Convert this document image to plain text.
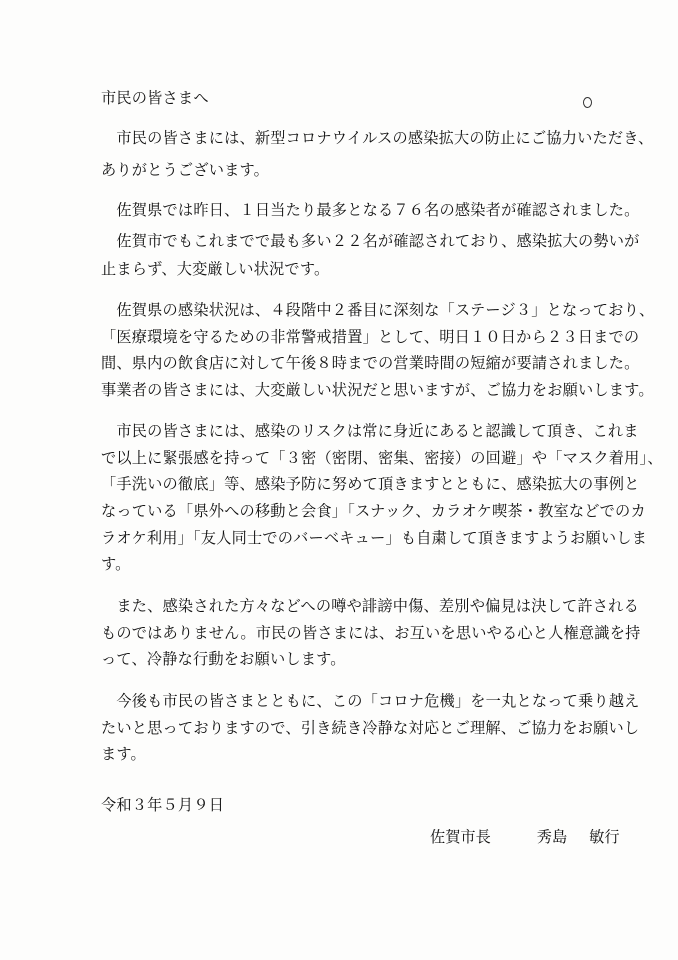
市民の皆さまへ
　市民の皆さまには、新型コロナウイルスの感染拡大の防止にご協力いただき、
ありがとうございます。
　佐賀県では昨日、１日当たり最多となる７６名の感染者が確認されました。
　佐賀市でもこれまでで最も多い２２名が確認されており、感染拡大の勢いが
止まらず、大変厳しい状況です。
　佐賀県の感染状況は、４段階中２番目に深刻な「ステージ３」となっており、
「医療環境を守るための非常警戒措置」として、明日１０日から２３日までの
間、県内の飲食店に対して午後８時までの営業時間の短縮が要請されました。
事業者の皆さまには、大変厳しい状況だと思いますが、ご協力をお願いします。
　市民の皆さまには、感染のリスクは常に身近にあると認識して頂き、これま
で以上に緊張感を持って「３密（密閉、密集、密接）の回避」や「マスク着用」、
「手洗いの徹底」等、感染予防に努めて頂きますとともに、感染拡大の事例と
なっている「県外への移動と会食」「スナック、カラオケ喫茶・教室などでのカ
ラオケ利用」「友人同士でのバーベキュー」も自粛して頂きますようお願いしま
す。
　また、感染された方々などへの噂や誹謗中傷、差別や偏見は決して許される
ものではありません。市民の皆さまには、お互いを思いやる心と人権意識を持
って、冷静な行動をお願いします。
　今後も市民の皆さまとともに、この「コロナ危機」を一丸となって乗り越え
たいと思っておりますので、引き続き冷静な対応とご理解、ご協力をお願いし
ます。
令和３年５月９日
佐賀市長	秀島 敏行
